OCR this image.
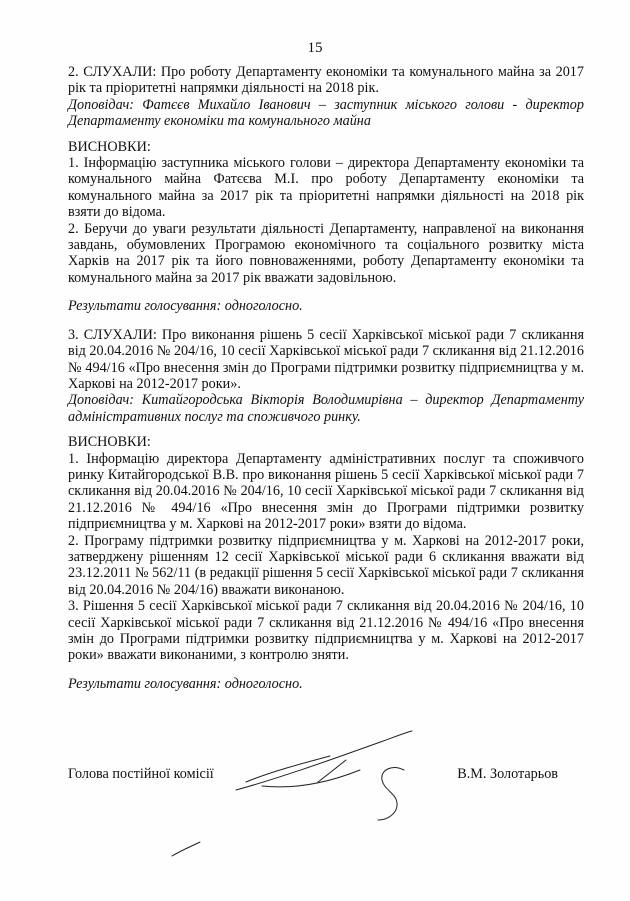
15

2. СЛУХАЛИ: Про роботу Департаменту економіки та комунального майна за 2017 рік та пріоритетні напрямки діяльності на 2018 рік.

Доповідач: Фатєєв Михайло Іванович – заступник міського голови - директор Департаменту економіки та комунального майна

ВИСНОВКИ:

1. Інформацію заступника міського голови – директора Департаменту економіки та комунального майна Фатєєва М.І. про роботу Департаменту економіки та комунального майна за 2017 рік та пріоритетні напрямки діяльності на 2018 рік взяти до відома.

2. Беручи до уваги результати діяльності Департаменту, направленої на виконання завдань, обумовлених Програмою економічного та соціального розвитку міста Харків на 2017 рік та його повноваженнями, роботу Департаменту економіки та комунального майна за 2017 рік вважати задовільною.

Результати голосування: одноголосно.

3. СЛУХАЛИ: Про виконання рішень 5 сесії Харківської міської ради 7 скликання від 20.04.2016 № 204/16, 10 сесії Харківської міської ради 7 скликання від 21.12.2016 № 494/16 «Про внесення змін до Програми підтримки розвитку підприємництва у м. Харкові на 2012-2017 роки».

Доповідач: Китайгородська Вікторія Володимирівна – директор Департаменту адміністративних послуг та споживчого ринку.

ВИСНОВКИ:

1. Інформацію директора Департаменту адміністративних послуг та споживчого ринку Китайгородської В.В. про виконання рішень 5 сесії Харківської міської ради 7 скликання від 20.04.2016 № 204/16, 10 сесії Харківської міської ради 7 скликання від 21.12.2016 № 494/16 «Про внесення змін до Програми підтримки розвитку підприємництва у м. Харкові на 2012-2017 роки» взяти до відома.

2. Програму підтримки розвитку підприємництва у м. Харкові на 2012-2017 роки, затверджену рішенням 12 сесії Харківської міської ради 6 скликання вважати від 23.12.2011 № 562/11 (в редакції рішення 5 сесії Харківської міської ради 7 скликання від 20.04.2016 № 204/16) вважати виконаною.

3. Рішення 5 сесії Харківської міської ради 7 скликання від 20.04.2016 № 204/16, 10 сесії Харківської міської ради 7 скликання від 21.12.2016 № 494/16 «Про внесення змін до Програми підтримки розвитку підприємництва у м. Харкові на 2012-2017 роки» вважати виконаними, з контролю зняти.

Результати голосування: одноголосно.

Голова постійної комісії	В.М. Золотарьов
